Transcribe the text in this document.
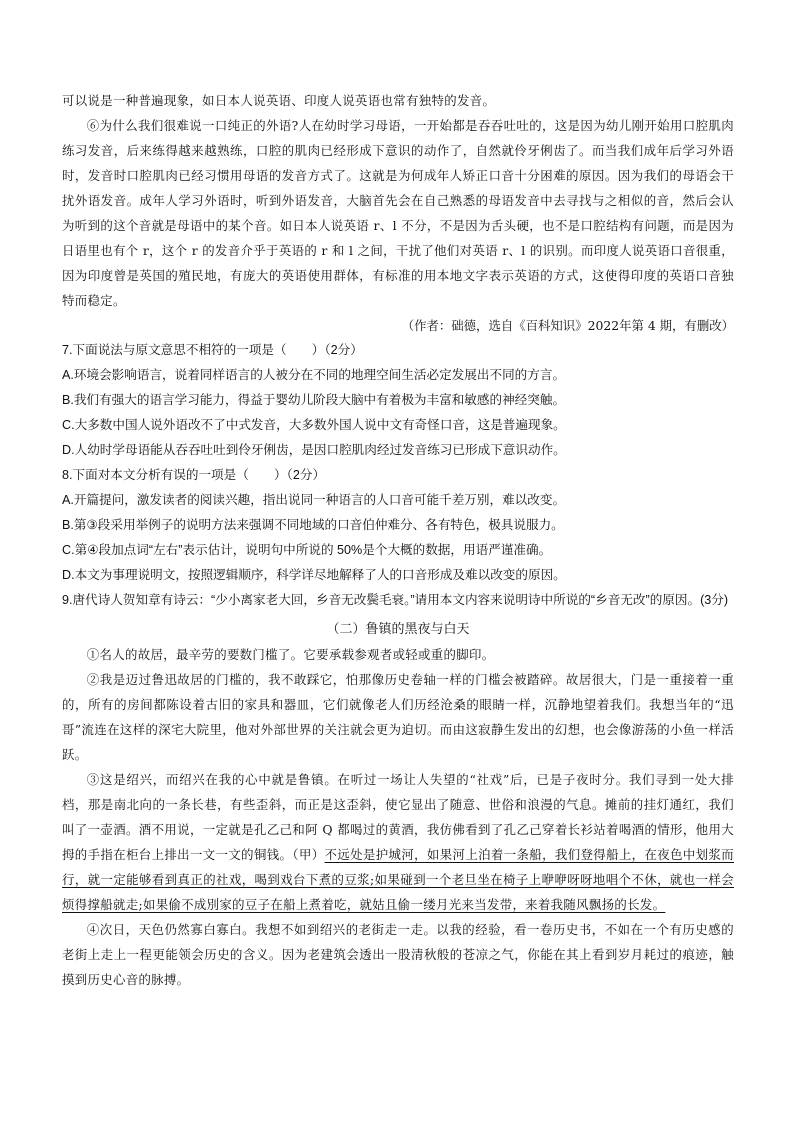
可以说是一种普遍现象，如日本人说英语、印度人说英语也常有独特的发音。

⑥为什么我们很难说一口纯正的外语?人在幼时学习母语，一开始都是吞吞吐吐的，这是因为幼儿刚开始用口腔肌肉练习发音，后来练得越来越熟练，口腔的肌肉已经形成下意识的动作了，自然就伶牙俐齿了。而当我们成年后学习外语时，发音时口腔肌肉已经习惯用母语的发音方式了。这就是为何成年人矫正口音十分困难的原因。因为我们的母语会干扰外语发音。成年人学习外语时，听到外语发音，大脑首先会在自己熟悉的母语发音中去寻找与之相似的音，然后会认为听到的这个音就是母语中的某个音。如日本人说英语 r、l 不分，不是因为舌头硬，也不是口腔结构有问题，而是因为日语里也有个 r，这个 r 的发音介乎于英语的 r 和 l 之间，干扰了他们对英语 r、l 的识别。而印度人说英语口音很重，因为印度曾是英国的殖民地，有庞大的英语使用群体，有标准的用本地文字表示英语的方式，这使得印度的英语口音独特而稳定。

（作者：础德，选自《百科知识》2022年第 4 期，有删改）

7.下面说法与原文意思不相符的一项是（　　）（2分）

A.环境会影响语言，说着同样语言的人被分在不同的地理空间生活必定发展出不同的方言。

B.我们有强大的语言学习能力，得益于婴幼儿阶段大脑中有着极为丰富和敏感的神经突触。

C.大多数中国人说外语改不了中式发音，大多数外国人说中文有奇怪口音，这是普遍现象。

D.人幼时学母语能从吞吞吐吐到伶牙俐齿，是因口腔肌肉经过发音练习已形成下意识动作。

8.下面对本文分析有误的一项是（　　）（2分）

A.开篇提问，激发读者的阅读兴趣，指出说同一种语言的人口音可能千差万别，难以改变。

B.第③段采用举例子的说明方法来强调不同地域的口音伯仲难分、各有特色，极具说服力。

C.第④段加点词“左右”表示估计，说明句中所说的 50%是个大概的数据，用语严谨准确。

D.本文为事理说明文，按照逻辑顺序，科学详尽地解释了人的口音形成及难以改变的原因。

9.唐代诗人贺知章有诗云：“少小离家老大回，乡音无改鬓毛衰。”请用本文内容来说明诗中所说的“乡音无改”的原因。(3分)

（二）鲁镇的黑夜与白天

①名人的故居，最辛劳的要数门槛了。它要承载参观者或轻或重的脚印。

②我是迈过鲁迅故居的门槛的，我不敢踩它，怕那像历史卷轴一样的门槛会被踏碎。故居很大，门是一重接着一重的，所有的房间都陈设着古旧的家具和器皿，它们就像老人们历经沧桑的眼睛一样，沉静地望着我们。我想当年的“迅哥”流连在这样的深宅大院里，他对外部世界的关注就会更为迫切。而由这寂静生发出的幻想，也会像游荡的小鱼一样活跃。

③这是绍兴，而绍兴在我的心中就是鲁镇。在听过一场让人失望的“社戏”后，已是子夜时分。我们寻到一处大排档，那是南北向的一条长巷，有些歪斜，而正是这歪斜，使它显出了随意、世俗和浪漫的气息。摊前的挂灯通红，我们叫了一壶酒。酒不用说，一定就是孔乙己和阿 Q 都喝过的黄酒，我仿佛看到了孔乙己穿着长衫站着喝酒的情形，他用大拇的手指在柜台上排出一文一文的铜钱。（甲）不远处是护城河，如果河上泊着一条船，我们登得船上，在夜色中划浆而行，就一定能够看到真正的社戏，喝到戏台下煮的豆浆;如果碰到一个老旦坐在椅子上咿咿呀呀地唱个不休，就也一样会烦得撑船就走;如果偷不成別家的豆子在船上煮着吃，就姑且偷一缕月光来当发带，来着我随风飘扬的长发。

④次日，天色仍然寡白寡白。我想不如到绍兴的老街走一走。以我的经验，看一卷历史书，不如在一个有历史感的老街上走上一程更能领会历史的含义。因为老建筑会透出一股清秋般的苍凉之气，你能在其上看到岁月耗过的痕迹，触摸到历史心音的脉搏。
